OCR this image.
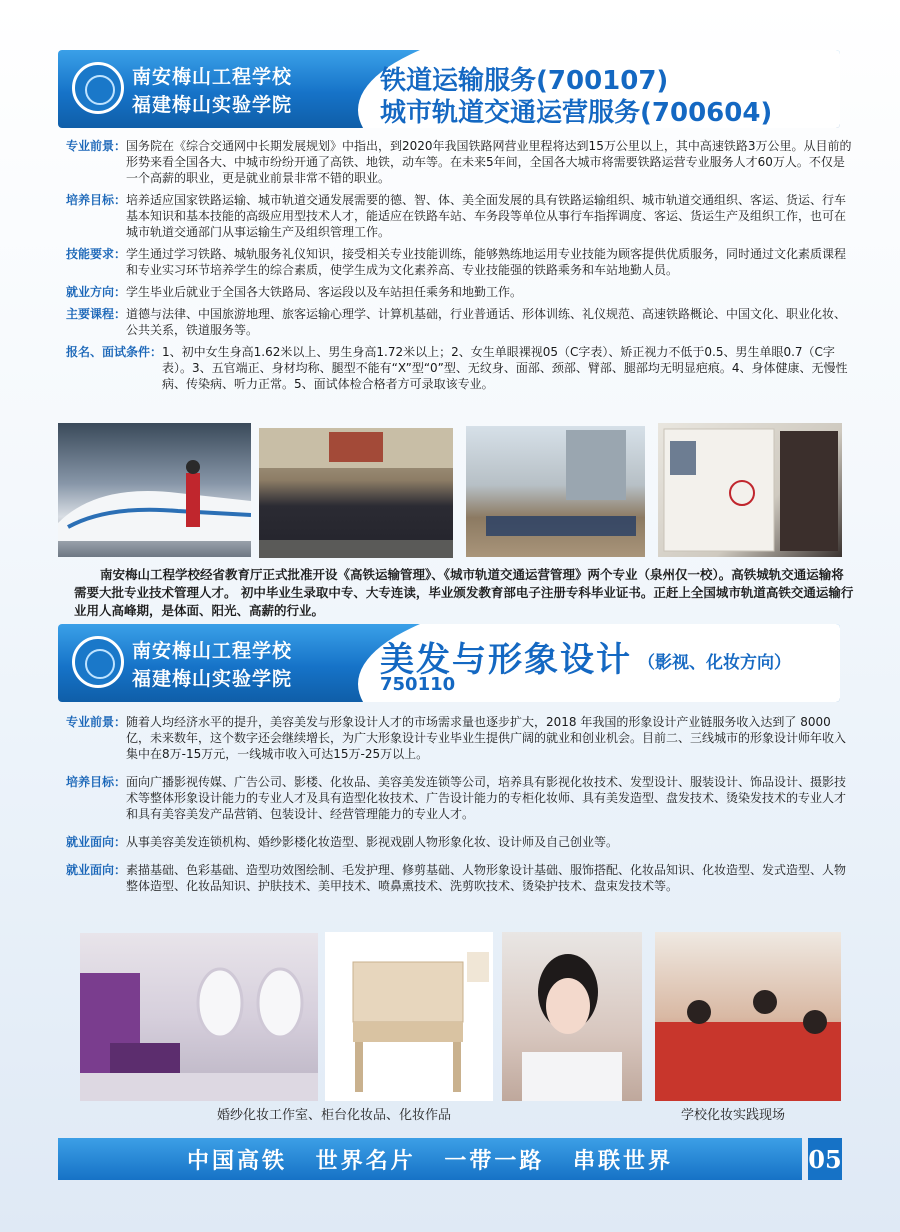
南安梅山工程学校
福建梅山实验学院
铁道运输服务(700107)
城市轨道交通运营服务(700604)
专业前景： 国务院在《综合交通网中长期发展规划》中指出，到2020年我国铁路网营业里程将达到15万公里以上，其中高速铁路3万公里。从目前的形势来看全国各大、中城市纷纷开通了高铁、地铁，动车等。在未来5年间，全国各大城市将需要铁路运营专业服务人才60万人。不仅是一个高薪的职业，更是就业前景非常不错的职业。
培养目标： 培养适应国家铁路运输、城市轨道交通发展需要的德、智、体、美全面发展的具有铁路运输组织、城市轨道交通组织、客运、货运、行车基本知识和基本技能的高级应用型技术人才，能适应在铁路车站、车务段等单位从事行车指挥调度、客运、货运生产及组织工作，也可在城市轨道交通部门从事运输生产及组织管理工作。
技能要求： 学生通过学习铁路、城轨服务礼仪知识，接受相关专业技能训练，能够熟练地运用专业技能为顾客提供优质服务，同时通过文化素质课程和专业实习环节培养学生的综合素质，使学生成为文化素养高、专业技能强的铁路乘务和车站地勤人员。
就业方向： 学生毕业后就业于全国各大铁路局、客运段以及车站担任乘务和地勤工作。
主要课程： 道德与法律、中国旅游地理、旅客运输心理学、计算机基础，行业普通话、形体训练、礼仪规范、高速铁路概论、中国文化、职业化妆、公共关系，铁道服务等。
报名、面试条件： 1、初中女生身高1.62米以上、男生身高1.72米以上；2、女生单眼裸视05（C字表）、矫正视力不低于0.5、男生单眼0.7（C字表）。3、五官端正、身材均称、腿型不能有“X”型“0”型、无纹身、面部、颈部、臂部、腿部均无明显疤痕。4、身体健康、无慢性病、传染病、听力正常。5、面试体检合格者方可录取该专业。
南安梅山工程学校经省教育厅正式批准开设《高铁运输管理》、《城市轨道交通运营管理》两个专业（泉州仅一校）。高铁城轨交通运输将需要大批专业技术管理人才。 初中毕业生录取中专、大专连读，毕业颁发教育部电子注册专科毕业证书。正赶上全国城市轨道高铁交通运输行业用人高峰期，是体面、阳光、高薪的行业。
南安梅山工程学校
福建梅山实验学院	美发与形象设计 （影视、化妆方向）
750110
专业前景： 随着人均经济水平的提升，美容美发与形象设计人才的市场需求量也逐步扩大，2018 年我国的形象设计产业链服务收入达到了 8000 亿，未来数年，这个数字还会继续增长，为广大形象设计专业毕业生提供广阔的就业和创业机会。目前二、三线城市的形象设计师年收入集中在8万-15万元，一线城市收入可达15万-25万以上。
培养目标： 面向广播影视传媒、广告公司、影楼、化妆品、美容美发连锁等公司，培养具有影视化妆技术、发型设计、服装设计、饰品设计、摄影技术等整体形象设计能力的专业人才及具有造型化妆技术、广告设计能力的专柜化妆师、具有美发造型、盘发技术、烫染发技术的专业人才和具有美容美发产品营销、包装设计、经营管理能力的专业人才。
就业面向： 从事美容美发连锁机构、婚纱影楼化妆造型、影视戏剧人物形象化妆、设计师及自己创业等。
就业面向： 素描基础、色彩基础、造型功效图绘制、毛发护理、修剪基础、人物形象设计基础、服饰搭配、化妆品知识、化妆造型、发式造型、人物整体造型、化妆品知识、护肤技术、美甲技术、喷鼻熏技术、洗剪吹技术、烫染护技术、盘束发技术等。
婚纱化妆工作室、柜台化妆品、化妆作品	学校化妆实践现场
中国高铁 世界名片 一带一路 串联世界	05
